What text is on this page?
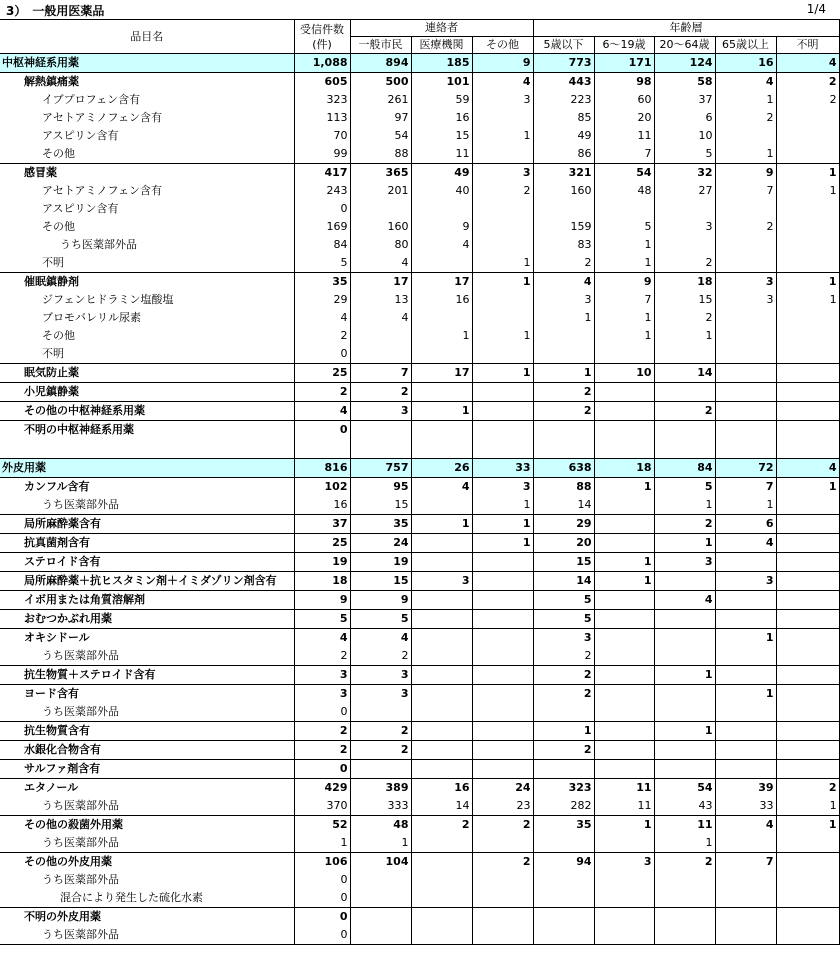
3）　一般用医薬品	1/4
品目名	受信件数
(件)	連絡者			年齢層				
		一般市民	医療機関	その他	5歳以下	6～19歳	20～64歳	65歳以上	不明
中枢神経系用薬	1,088	894	185	9	773	171	124	16	4
解熱鎮痛薬	605	500	101	4	443	98	58	4	2
イブプロフェン含有	323	261	59	3	223	60	37	1	2
アセトアミノフェン含有	113	97	16		85	20	6	2	
アスピリン含有	70	54	15	1	49	11	10		
その他	99	88	11		86	7	5	1	
感冒薬	417	365	49	3	321	54	32	9	1
アセトアミノフェン含有	243	201	40	2	160	48	27	7	1
アスピリン含有	0								
その他	169	160	9		159	5	3	2	
うち医薬部外品	84	80	4		83	1			
不明	5	4		1	2	1	2		
催眠鎮静剤	35	17	17	1	4	9	18	3	1
ジフェンヒドラミン塩酸塩	29	13	16		3	7	15	3	1
ブロモバレリル尿素	4	4			1	1	2		
その他	2		1	1		1	1		
不明	0								
眠気防止薬	25	7	17	1	1	10	14		
小児鎮静薬	2	2			2				
その他の中枢神経系用薬	4	3	1		2		2		
不明の中枢神経系用薬	0								

外皮用薬	816	757	26	33	638	18	84	72	4
カンフル含有	102	95	4	3	88	1	5	7	1
うち医薬部外品	16	15		1	14		1	1	
局所麻酔薬含有	37	35	1	1	29		2	6	
抗真菌剤含有	25	24		1	20		1	4	
ステロイド含有	19	19			15	1	3		
局所麻酔薬＋抗ヒスタミン剤＋イミダゾリン剤含有	18	15	3		14	1		3	
イボ用または角質溶解剤	9	9			5		4		
おむつかぶれ用薬	5	5			5				
オキシドール	4	4			3			1	
うち医薬部外品	2	2			2				
抗生物質＋ステロイド含有	3	3			2		1		
ヨード含有	3	3			2			1	
うち医薬部外品	0								
抗生物質含有	2	2			1		1		
水銀化合物含有	2	2			2				
サルファ剤含有	0								
エタノール	429	389	16	24	323	11	54	39	2
うち医薬部外品	370	333	14	23	282	11	43	33	1
その他の殺菌外用薬	52	48	2	2	35	1	11	4	1
うち医薬部外品	1	1					1		
その他の外皮用薬	106	104		2	94	3	2	7	
うち医薬部外品	0								
混合により発生した硫化水素	0								
不明の外皮用薬	0								
うち医薬部外品	0								
